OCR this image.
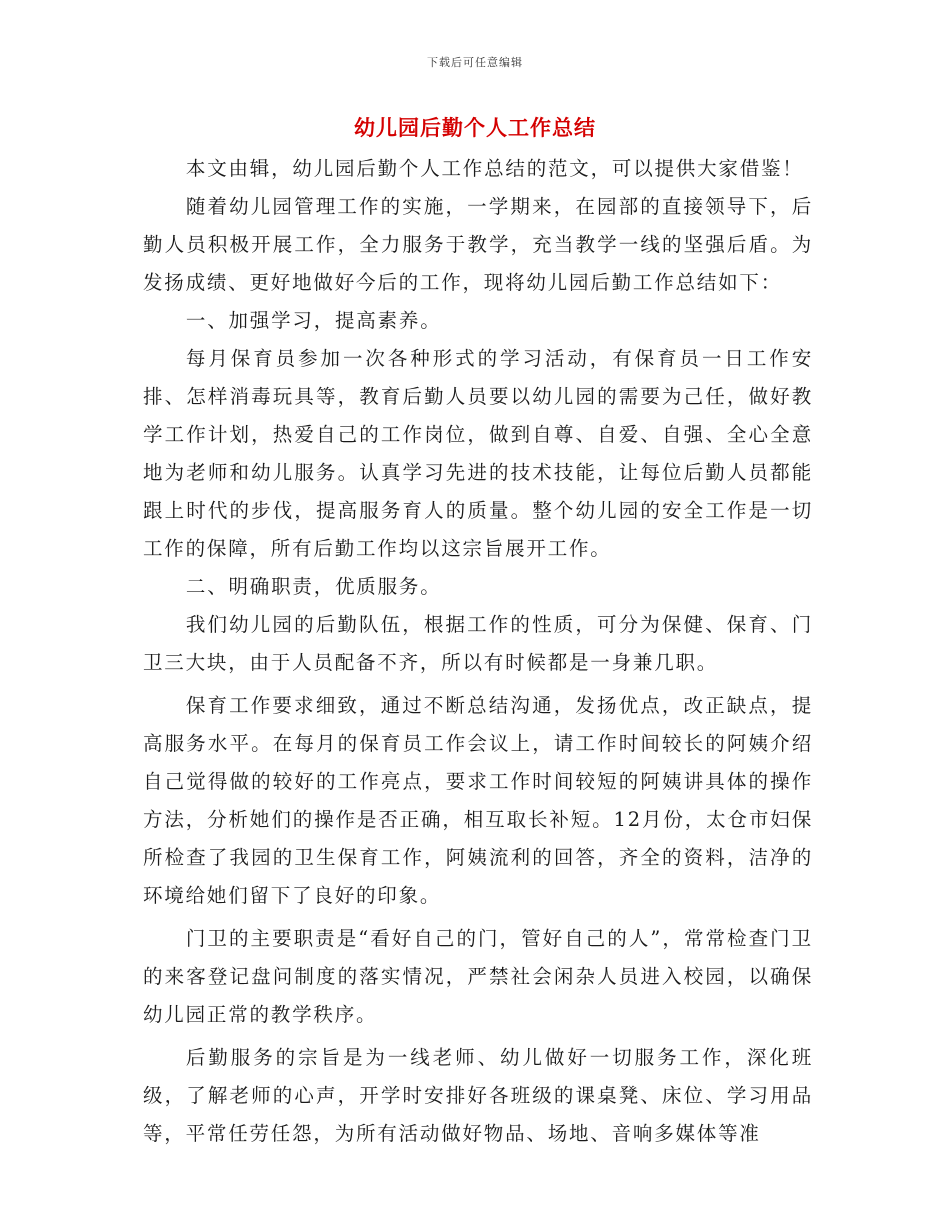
下载后可任意编辑
幼儿园后勤个人工作总结

本文由辑，幼儿园后勤个人工作总结的范文，可以提供大家借鉴！

随着幼儿园管理工作的实施，一学期来，在园部的直接领导下，后勤人员积极开展工作，全力服务于教学，充当教学一线的坚强后盾。为发扬成绩、更好地做好今后的工作，现将幼儿园后勤工作总结如下：

一、加强学习，提高素养。

每月保育员参加一次各种形式的学习活动，有保育员一日工作安排、怎样消毒玩具等，教育后勤人员要以幼儿园的需要为己任，做好教学工作计划，热爱自己的工作岗位，做到自尊、自爱、自强、全心全意地为老师和幼儿服务。认真学习先进的技术技能，让每位后勤人员都能跟上时代的步伐，提高服务育人的质量。整个幼儿园的安全工作是一切工作的保障，所有后勤工作均以这宗旨展开工作。

二、明确职责，优质服务。

我们幼儿园的后勤队伍，根据工作的性质，可分为保健、保育、门卫三大块，由于人员配备不齐，所以有时候都是一身兼几职。

保育工作要求细致，通过不断总结沟通，发扬优点，改正缺点，提高服务水平。在每月的保育员工作会议上，请工作时间较长的阿姨介绍自己觉得做的较好的工作亮点，要求工作时间较短的阿姨讲具体的操作方法，分析她们的操作是否正确，相互取长补短。12月份，太仓市妇保所检查了我园的卫生保育工作，阿姨流利的回答，齐全的资料，洁净的环境给她们留下了良好的印象。

门卫的主要职责是“看好自己的门，管好自己的人”，常常检查门卫的来客登记盘问制度的落实情况，严禁社会闲杂人员进入校园，以确保幼儿园正常的教学秩序。

后勤服务的宗旨是为一线老师、幼儿做好一切服务工作，深化班级，了解老师的心声，开学时安排好各班级的课桌凳、床位、学习用品等，平常任劳任怨，为所有活动做好物品、场地、音响多媒体等准
